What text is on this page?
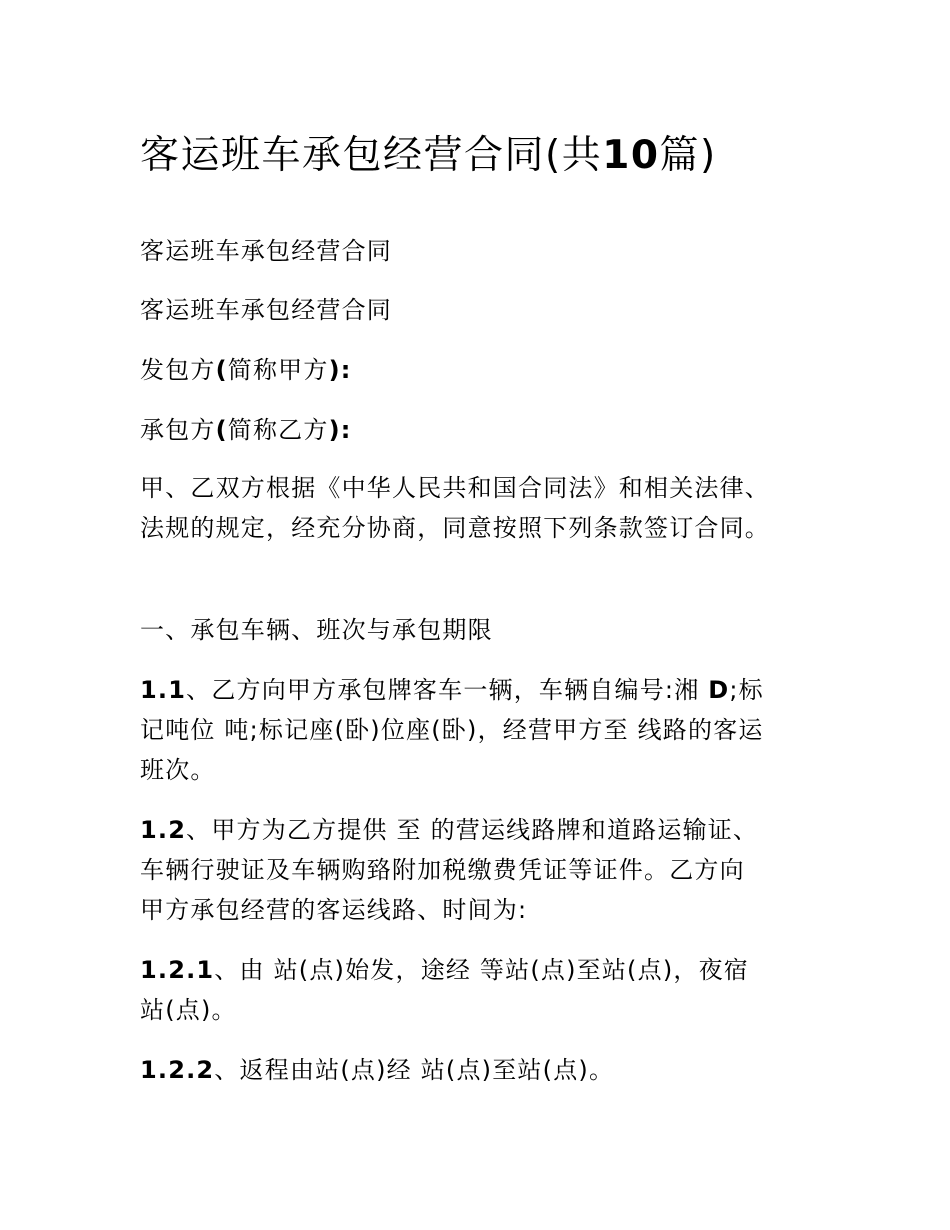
客运班车承包经营合同(共10篇)
客运班车承包经营合同
客运班车承包经营合同
发包方(简称甲方):
承包方(简称乙方):
甲、乙双方根据《中华人民共和国合同法》和相关法律、
法规的规定，经充分协商，同意按照下列条款签订合同。
一、承包车辆、班次与承包期限
1.1、乙方向甲方承包牌客车一辆，车辆自编号:湘 D;标
记吨位 吨;标记座(卧)位座(卧)，经营甲方至 线路的客运
班次。
1.2、甲方为乙方提供 至 的营运线路牌和道路运输证、
车辆行驶证及车辆购臵附加税缴费凭证等证件。乙方向
甲方承包经营的客运线路、时间为:
1.2.1、由 站(点)始发，途经 等站(点)至站(点)，夜宿
站(点)。
1.2.2、返程由站(点)经 站(点)至站(点)。
